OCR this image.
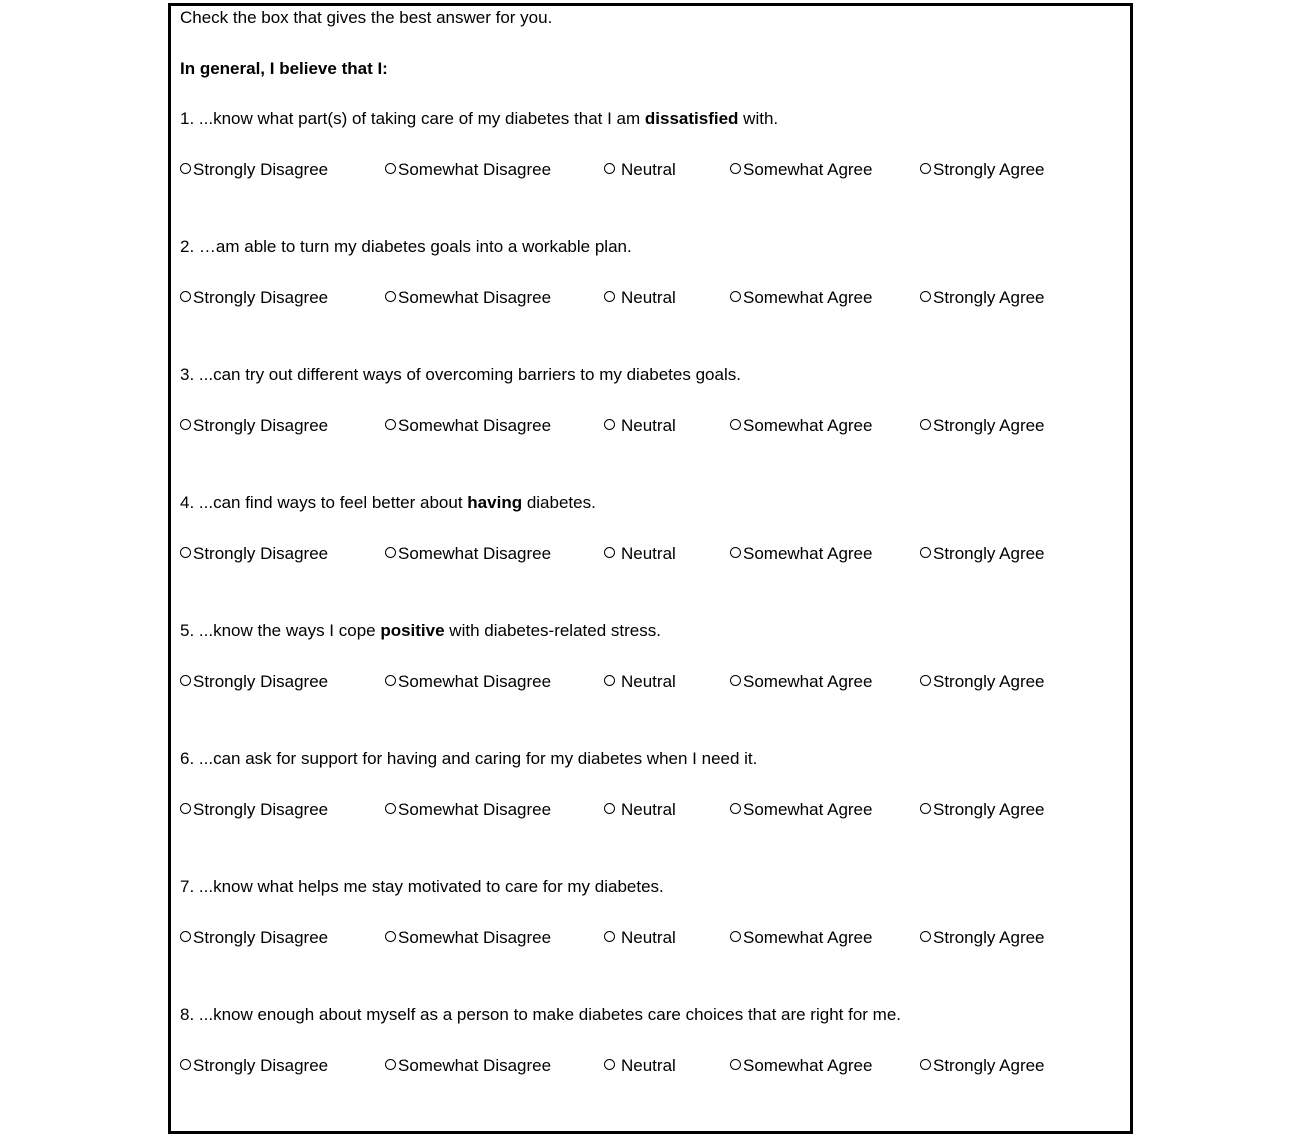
Check the box that gives the best answer for you.

In general, I believe that I:

1. ...know what part(s) of taking care of my diabetes that I am dissatisfied with.

Strongly Disagree	Somewhat Disagree	Neutral	Somewhat Agree	Strongly Agree

2. …am able to turn my diabetes goals into a workable plan.

Strongly Disagree	Somewhat Disagree	Neutral	Somewhat Agree	Strongly Agree

3. ...can try out different ways of overcoming barriers to my diabetes goals.

Strongly Disagree	Somewhat Disagree	Neutral	Somewhat Agree	Strongly Agree

4. ...can find ways to feel better about having diabetes.

Strongly Disagree	Somewhat Disagree	Neutral	Somewhat Agree	Strongly Agree

5. ...know the ways I cope positive with diabetes-related stress.

Strongly Disagree	Somewhat Disagree	Neutral	Somewhat Agree	Strongly Agree

6. ...can ask for support for having and caring for my diabetes when I need it.

Strongly Disagree	Somewhat Disagree	Neutral	Somewhat Agree	Strongly Agree

7. ...know what helps me stay motivated to care for my diabetes.

Strongly Disagree	Somewhat Disagree	Neutral	Somewhat Agree	Strongly Agree

8. ...know enough about myself as a person to make diabetes care choices that are right for me.

Strongly Disagree	Somewhat Disagree	Neutral	Somewhat Agree	Strongly Agree
